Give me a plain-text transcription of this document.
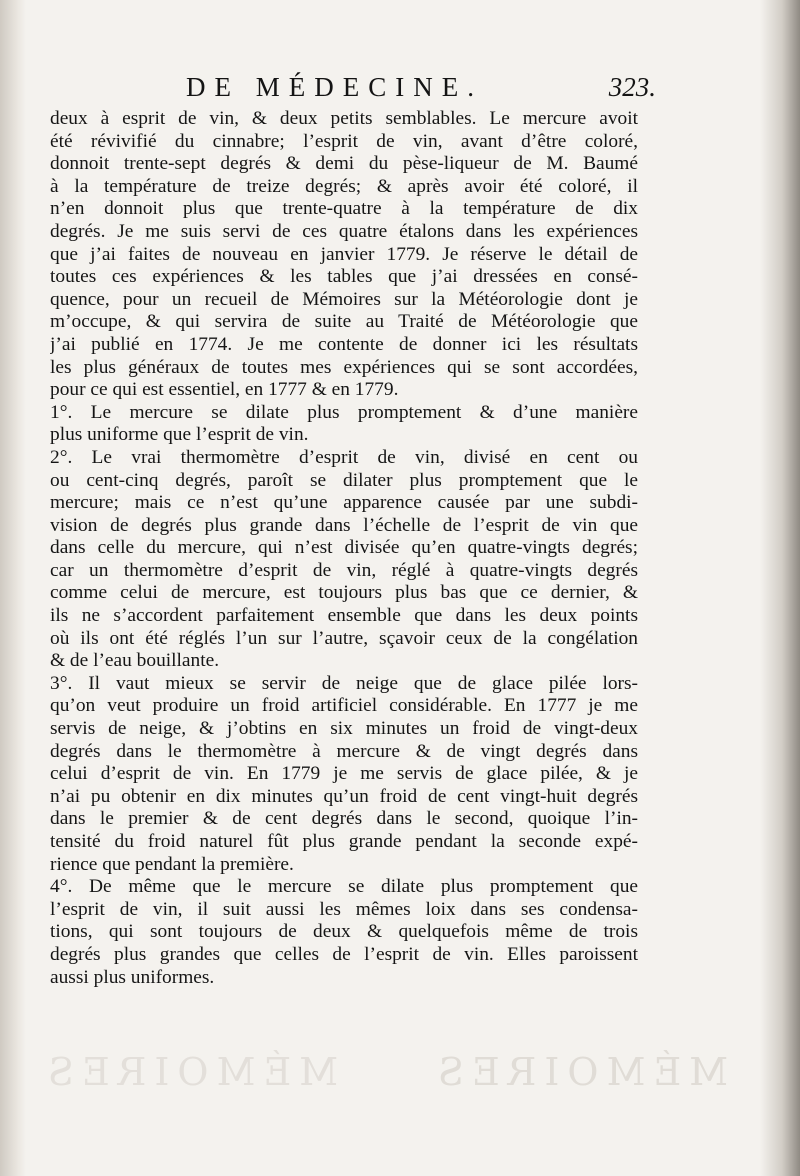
MÉMOIRES
DE MÉDECINE.	323.
deux à esprit de vin, & deux petits semblables. Le mercure avoit
été révivifié du cinnabre; l’esprit de vin, avant d’être coloré,
donnoit trente-sept degrés & demi du pèse-liqueur de M. Baumé
à la température de treize degrés; & après avoir été coloré, il
n’en donnoit plus que trente-quatre à la température de dix
degrés. Je me suis servi de ces quatre étalons dans les expériences
que j’ai faites de nouveau en janvier 1779. Je réserve le détail de
toutes ces expériences & les tables que j’ai dressées en consé-
quence, pour un recueil de Mémoires sur la Météorologie dont je
m’occupe, & qui servira de suite au Traité de Météorologie que
j’ai publié en 1774. Je me contente de donner ici les résultats
les plus généraux de toutes mes expériences qui se sont accordées,
pour ce qui est essentiel, en 1777 & en 1779.
1°. Le mercure se dilate plus promptement & d’une manière
plus uniforme que l’esprit de vin.
2°. Le vrai thermomètre d’esprit de vin, divisé en cent ou
ou cent-cinq degrés, paroît se dilater plus promptement que le
mercure; mais ce n’est qu’une apparence causée par une subdi-
vision de degrés plus grande dans l’échelle de l’esprit de vin que
dans celle du mercure, qui n’est divisée qu’en quatre-vingts degrés;
car un thermomètre d’esprit de vin, réglé à quatre-vingts degrés
comme celui de mercure, est toujours plus bas que ce dernier, &
ils ne s’accordent parfaitement ensemble que dans les deux points
où ils ont été réglés l’un sur l’autre, sçavoir ceux de la congélation
& de l’eau bouillante.
3°. Il vaut mieux se servir de neige que de glace pilée lors-
qu’on veut produire un froid artificiel considérable. En 1777 je me
servis de neige, & j’obtins en six minutes un froid de vingt-deux
degrés dans le thermomètre à mercure & de vingt degrés dans
celui d’esprit de vin. En 1779 je me servis de glace pilée, & je
n’ai pu obtenir en dix minutes qu’un froid de cent vingt-huit degrés
dans le premier & de cent degrés dans le second, quoique l’in-
tensité du froid naturel fût plus grande pendant la seconde expé-
rience que pendant la première.
4°. De même que le mercure se dilate plus promptement que
l’esprit de vin, il suit aussi les mêmes loix dans ses condensa-
tions, qui sont toujours de deux & quelquefois même de trois
degrés plus grandes que celles de l’esprit de vin. Elles paroissent
aussi plus uniformes.
MÉMOIRES
